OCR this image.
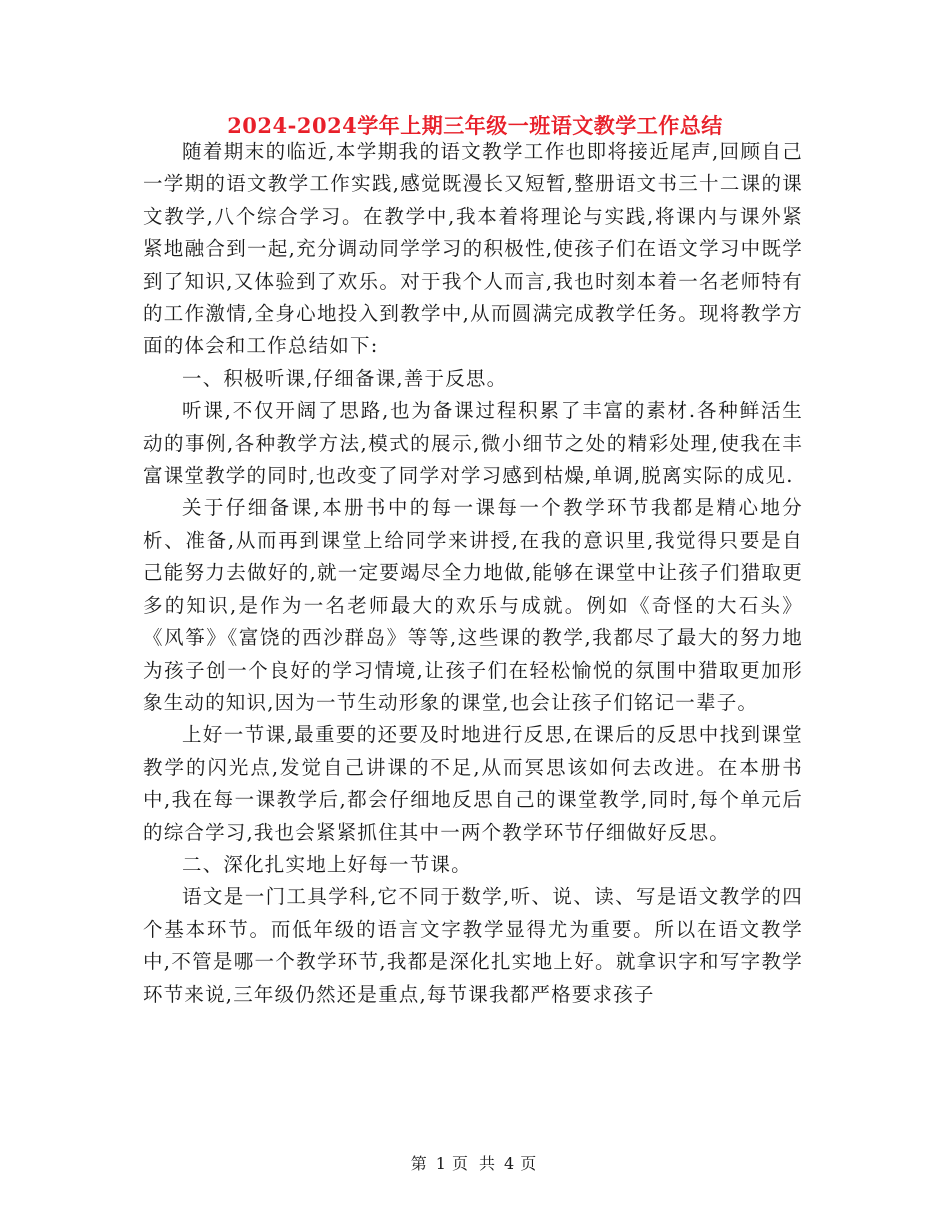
2024-2024学年上期三年级一班语文教学工作总结

随着期末的临近,本学期我的语文教学工作也即将接近尾声,回顾自己一学期的语文教学工作实践,感觉既漫长又短暂,整册语文书三十二课的课文教学,八个综合学习。在教学中,我本着将理论与实践,将课内与课外紧紧地融合到一起,充分调动同学学习的积极性,使孩子们在语文学习中既学到了知识,又体验到了欢乐。对于我个人而言,我也时刻本着一名老师特有的工作激情,全身心地投入到教学中,从而圆满完成教学任务。现将教学方面的体会和工作总结如下:

一、积极听课,仔细备课,善于反思。

听课,不仅开阔了思路,也为备课过程积累了丰富的素材.各种鲜活生动的事例,各种教学方法,模式的展示,微小细节之处的精彩处理,使我在丰富课堂教学的同时,也改变了同学对学习感到枯燥,单调,脱离实际的成见.

关于仔细备课,本册书中的每一课每一个教学环节我都是精心地分析、准备,从而再到课堂上给同学来讲授,在我的意识里,我觉得只要是自己能努力去做好的,就一定要竭尽全力地做,能够在课堂中让孩子们猎取更多的知识,是作为一名老师最大的欢乐与成就。例如《奇怪的大石头》《风筝》《富饶的西沙群岛》等等,这些课的教学,我都尽了最大的努力地为孩子创一个良好的学习情境,让孩子们在轻松愉悦的氛围中猎取更加形象生动的知识,因为一节生动形象的课堂,也会让孩子们铭记一辈子。

上好一节课,最重要的还要及时地进行反思,在课后的反思中找到课堂教学的闪光点,发觉自己讲课的不足,从而冥思该如何去改进。在本册书中,我在每一课教学后,都会仔细地反思自己的课堂教学,同时,每个单元后的综合学习,我也会紧紧抓住其中一两个教学环节仔细做好反思。

二、深化扎实地上好每一节课。

语文是一门工具学科,它不同于数学,听、说、读、写是语文教学的四个基本环节。而低年级的语言文字教学显得尤为重要。所以在语文教学中,不管是哪一个教学环节,我都是深化扎实地上好。就拿识字和写字教学环节来说,三年级仍然还是重点,每节课我都严格要求孩子

第 1 页 共 4 页
